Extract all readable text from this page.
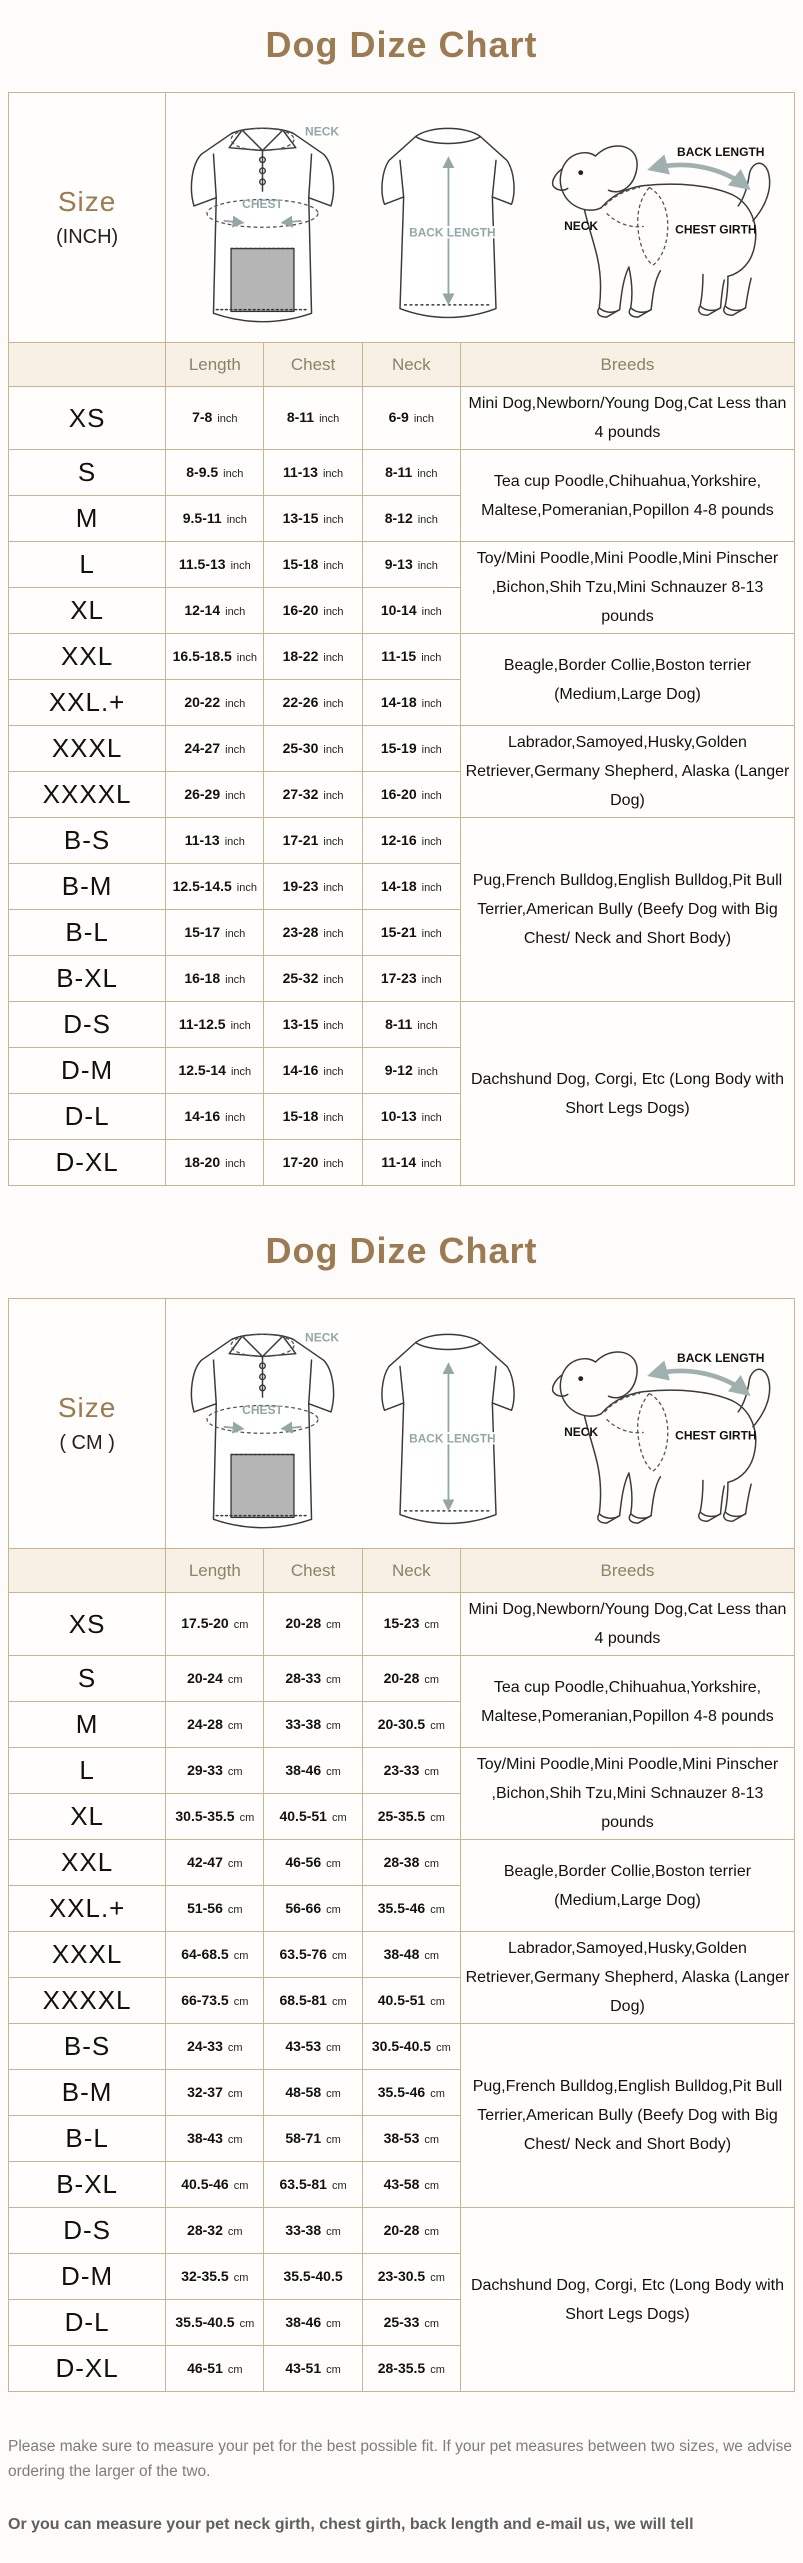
Dog Dize Chart
Size
(INCH)

NECK
CHEST
BACK LENGTH
BACK LENGTH
NECK	CHEST GIRTH

	Length	Chest	Neck	Breeds
XS	7-8 inch	8-11 inch	6-9 inch	Mini Dog,Newborn/Young Dog,Cat Less than 4 pounds
S	8-9.5 inch	11-13 inch	8-11 inch	Tea cup Poodle,Chihuahua,Yorkshire, Maltese,Pomeranian,Popillon 4-8 pounds
M	9.5-11 inch	13-15 inch	8-12 inch	
L	11.5-13 inch	15-18 inch	9-13 inch	Toy/Mini Poodle,Mini Poodle,Mini Pinscher ,Bichon,Shih Tzu,Mini Schnauzer 8-13 pounds
XL	12-14 inch	16-20 inch	10-14 inch	
XXL	16.5-18.5 inch	18-22 inch	11-15 inch	Beagle,Border Collie,Boston terrier (Medium,Large Dog)
XXL.+	20-22 inch	22-26 inch	14-18 inch	
XXXL	24-27 inch	25-30 inch	15-19 inch	Labrador,Samoyed,Husky,Golden Retriever,Germany Shepherd, Alaska (Langer Dog)
XXXXL	26-29 inch	27-32 inch	16-20 inch	
B-S	11-13 inch	17-21 inch	12-16 inch	Pug,French Bulldog,English Bulldog,Pit Bull Terrier,American Bully (Beefy Dog with Big Chest/ Neck and Short Body)
B-M	12.5-14.5 inch	19-23 inch	14-18 inch	
B-L	15-17 inch	23-28 inch	15-21 inch	
B-XL	16-18 inch	25-32 inch	17-23 inch	
D-S	11-12.5 inch	13-15 inch	8-11 inch	Dachshund Dog, Corgi, Etc (Long Body with Short Legs Dogs)
D-M	12.5-14 inch	14-16 inch	9-12 inch	
D-L	14-16 inch	15-18 inch	10-13 inch	
D-XL	18-20 inch	17-20 inch	11-14 inch	
Dog Dize Chart
Size
( CM )

NECK
CHEST
BACK LENGTH
BACK LENGTH
NECK	CHEST GIRTH

	Length	Chest	Neck	Breeds
XS	17.5-20 cm	20-28 cm	15-23 cm	Mini Dog,Newborn/Young Dog,Cat Less than 4 pounds
S	20-24 cm	28-33 cm	20-28 cm	Tea cup Poodle,Chihuahua,Yorkshire, Maltese,Pomeranian,Popillon 4-8 pounds
M	24-28 cm	33-38 cm	20-30.5 cm	
L	29-33 cm	38-46 cm	23-33 cm	Toy/Mini Poodle,Mini Poodle,Mini Pinscher ,Bichon,Shih Tzu,Mini Schnauzer 8-13 pounds
XL	30.5-35.5 cm	40.5-51 cm	25-35.5 cm	
XXL	42-47 cm	46-56 cm	28-38 cm	Beagle,Border Collie,Boston terrier (Medium,Large Dog)
XXL.+	51-56 cm	56-66 cm	35.5-46 cm	
XXXL	64-68.5 cm	63.5-76 cm	38-48 cm	Labrador,Samoyed,Husky,Golden Retriever,Germany Shepherd, Alaska (Langer Dog)
XXXXL	66-73.5 cm	68.5-81 cm	40.5-51 cm	
B-S	24-33 cm	43-53 cm	30.5-40.5 cm	Pug,French Bulldog,English Bulldog,Pit Bull Terrier,American Bully (Beefy Dog with Big Chest/ Neck and Short Body)
B-M	32-37 cm	48-58 cm	35.5-46 cm	
B-L	38-43 cm	58-71 cm	38-53 cm	
B-XL	40.5-46 cm	63.5-81 cm	43-58 cm	
D-S	28-32 cm	33-38 cm	20-28 cm	Dachshund Dog, Corgi, Etc (Long Body with Short Legs Dogs)
D-M	32-35.5 cm	35.5-40.5	23-30.5 cm	
D-L	35.5-40.5 cm	38-46 cm	25-33 cm	
D-XL	46-51 cm	43-51 cm	28-35.5 cm	

Please make sure to measure your pet for the best possible fit. If your pet measures between two sizes, we advise ordering the larger of the two.

Or you can measure your pet neck girth, chest girth, back length and e-mail us, we will tell
